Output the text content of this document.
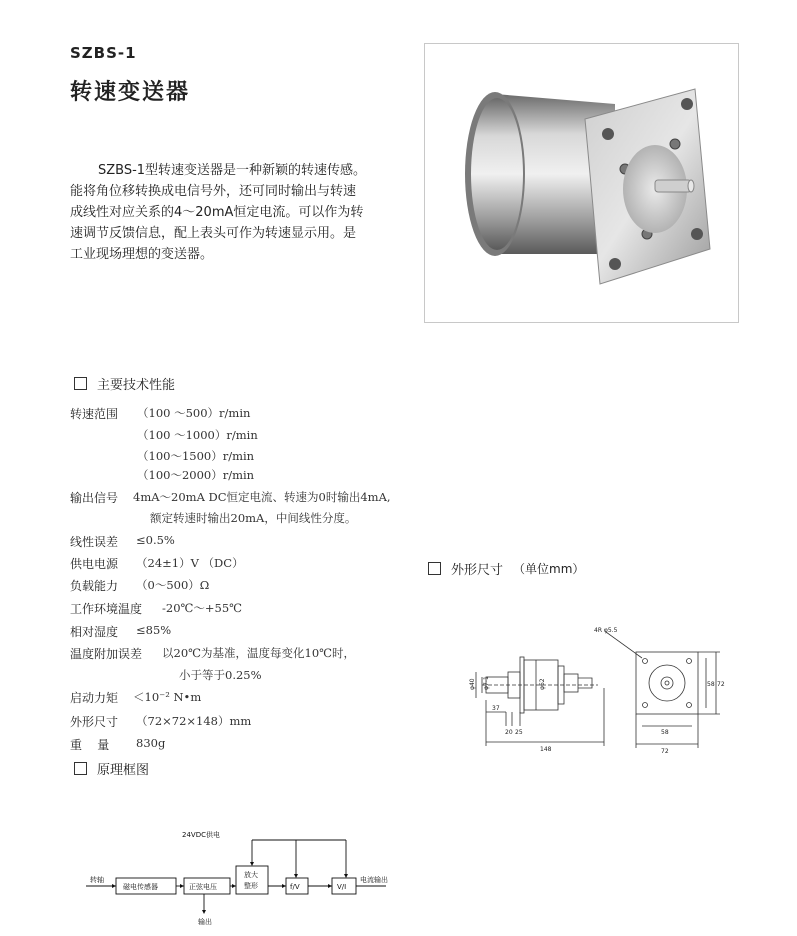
SZBS-1
转速变送器

SZBS-1型转速变送器是一种新颖的转速传感。

能将角位移转换成电信号外，还可同时输出与转速

成线性对应关系的4～20mA恒定电流。可以作为转

速调节反馈信息，配上表头可作为转速显示用。是

工业现场理想的变送器。

主要技术性能
转速范围 （100 ～500）r/min
（100 ～1000）r/min
（100～1500）r/min
（100～2000）r/min
输出信号 4mA～20mA DC恒定电流、转速为0时输出4mA,
额定转速时输出20mA，中间线性分度。
线性误差 ≤0.5%
供电电源 （24±1）V （DC）
负载能力 （0～500）Ω
工作环境温度 -20℃～+55℃
相对湿度 ≤85%
温度附加误差 以20℃为基准，温度每变化10℃时，
小于等于0.25%
启动力矩 ＜10⁻² N•m
外形尺寸 （72×72×148）mm
重    量 830g
原理框图
外形尺寸 （单位mm）
4R φ5.5
φ40 φ7-1	φ62
37
20 25
148
58
72
58 72
24VDC供电
转轴
磁电传感器	正弦电压
放大
整形	f/V	V/I
电流输出
输出
